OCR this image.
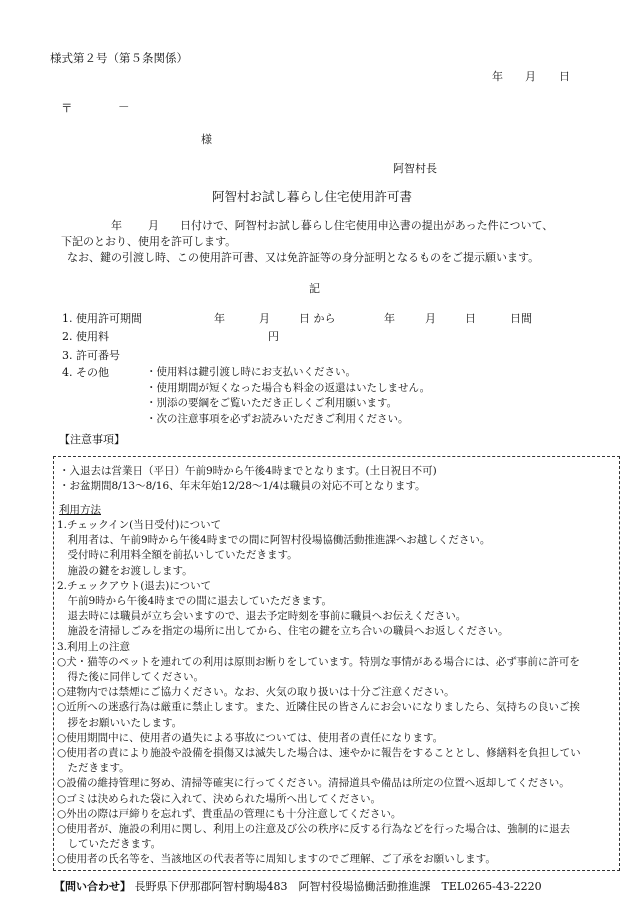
様式第２号（第５条関係）
年 月 日
〒	－
様
阿智村長
阿智村お試し暮らし住宅使用許可書
年 月 日付けで、阿智村お試し暮らし住宅使用申込書の提出があった件について、
下記のとおり、使用を許可します。
なお、鍵の引渡し時、この使用許可書、又は免許証等の身分証明となるものをご提示願います。
記
1. 使用許可期間	年	月	日 から	年	月	日	日間
2. 使用料	円
3. 許可番号
4. その他	・使用料は鍵引渡し時にお支払いください。
・使用期間が短くなった場合も料金の返還はいたしません。
・別添の要綱をご覧いただき正しくご利用願います。
・次の注意事項を必ずお読みいただきご利用ください。
【注意事項】
・入退去は営業日（平日）午前9時から午後4時までとなります。(土日祝日不可)
・お盆期間8/13～8/16、年末年始12/28～1/4は職員の対応不可となります。
利用方法
1.チェックイン(当日受付)について
　利用者は、午前9時から午後4時までの間に阿智村役場協働活動推進課へお越しください。
　受付時に利用料全額を前払いしていただきます。
　施設の鍵をお渡しします。
2.チェックアウト(退去)について
　午前9時から午後4時までの間に退去していただきます。
　退去時には職員が立ち会いますので、退去予定時刻を事前に職員へお伝えください。
　施設を清掃しごみを指定の場所に出してから、住宅の鍵を立ち合いの職員へお返しください。
3.利用上の注意
○犬・猫等のペットを連れての利用は原則お断りをしています。特別な事情がある場合には、必ず事前に許可を
　得た後に同伴してください。
○建物内では禁煙にご協力ください。なお、火気の取り扱いは十分ご注意ください。
○近所への迷惑行為は厳重に禁止します。また、近隣住民の皆さんにお会いになりましたら、気持ちの良いご挨
　拶をお願いいたします。
○使用期間中に、使用者の過失による事故については、使用者の責任になります。
○使用者の責により施設や設備を損傷又は滅失した場合は、速やかに報告をすることとし、修繕料を負担してい
　ただきます。
○設備の維持管理に努め、清掃等確実に行ってください。清掃道具や備品は所定の位置へ返却してください。
○ゴミは決められた袋に入れて、決められた場所へ出してください。
○外出の際は戸締りを忘れず、貴重品の管理にも十分注意してください。
○使用者が、施設の利用に関し、利用上の注意及び公の秩序に反する行為などを行った場合は、強制的に退去
　していただきます。
○使用者の氏名等を、当該地区の代表者等に周知しますのでご理解、ご了承をお願いします。
【問い合わせ】 長野県下伊那郡阿智村駒場483　阿智村役場協働活動推進課　TEL0265-43-2220
